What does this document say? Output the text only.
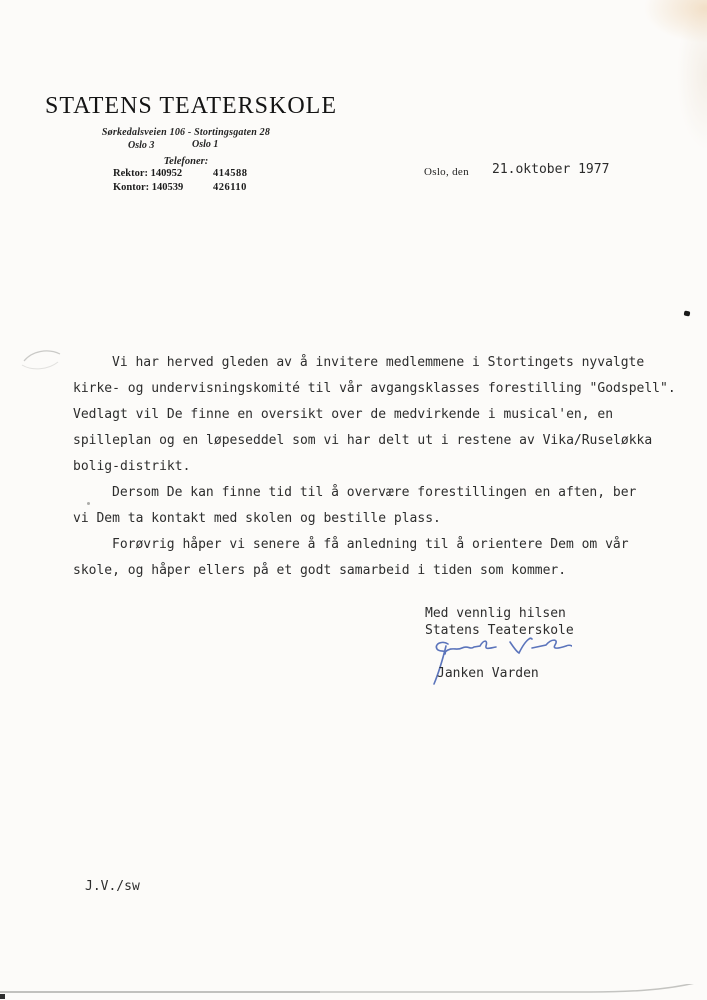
STATENS TEATERSKOLE
Sørkedalsveien 106 - Stortingsgaten 28
Oslo 3	Oslo 1
Telefoner:
Rektor: 140952	414588
Kontor: 140539	426110
Oslo, den 21.oktober 1977
Vi har herved gleden av å invitere medlemmene i Stortingets nyvalgte
kirke- og undervisningskomité til vår avgangsklasses forestilling "Godspell".
Vedlagt vil De finne en oversikt over de medvirkende i musical'en, en
spilleplan og en løpeseddel som vi har delt ut i restene av Vika/Ruseløkka
bolig-distrikt.
Dersom De kan finne tid til å overvære forestillingen en aften, ber
vi Dem ta kontakt med skolen og bestille plass.
Forøvrig håper vi senere å få anledning til å orientere Dem om vår
skole, og håper ellers på et godt samarbeid i tiden som kommer.
Med vennlig hilsen
Statens Teaterskole
Janken Varden
J.V./sw
